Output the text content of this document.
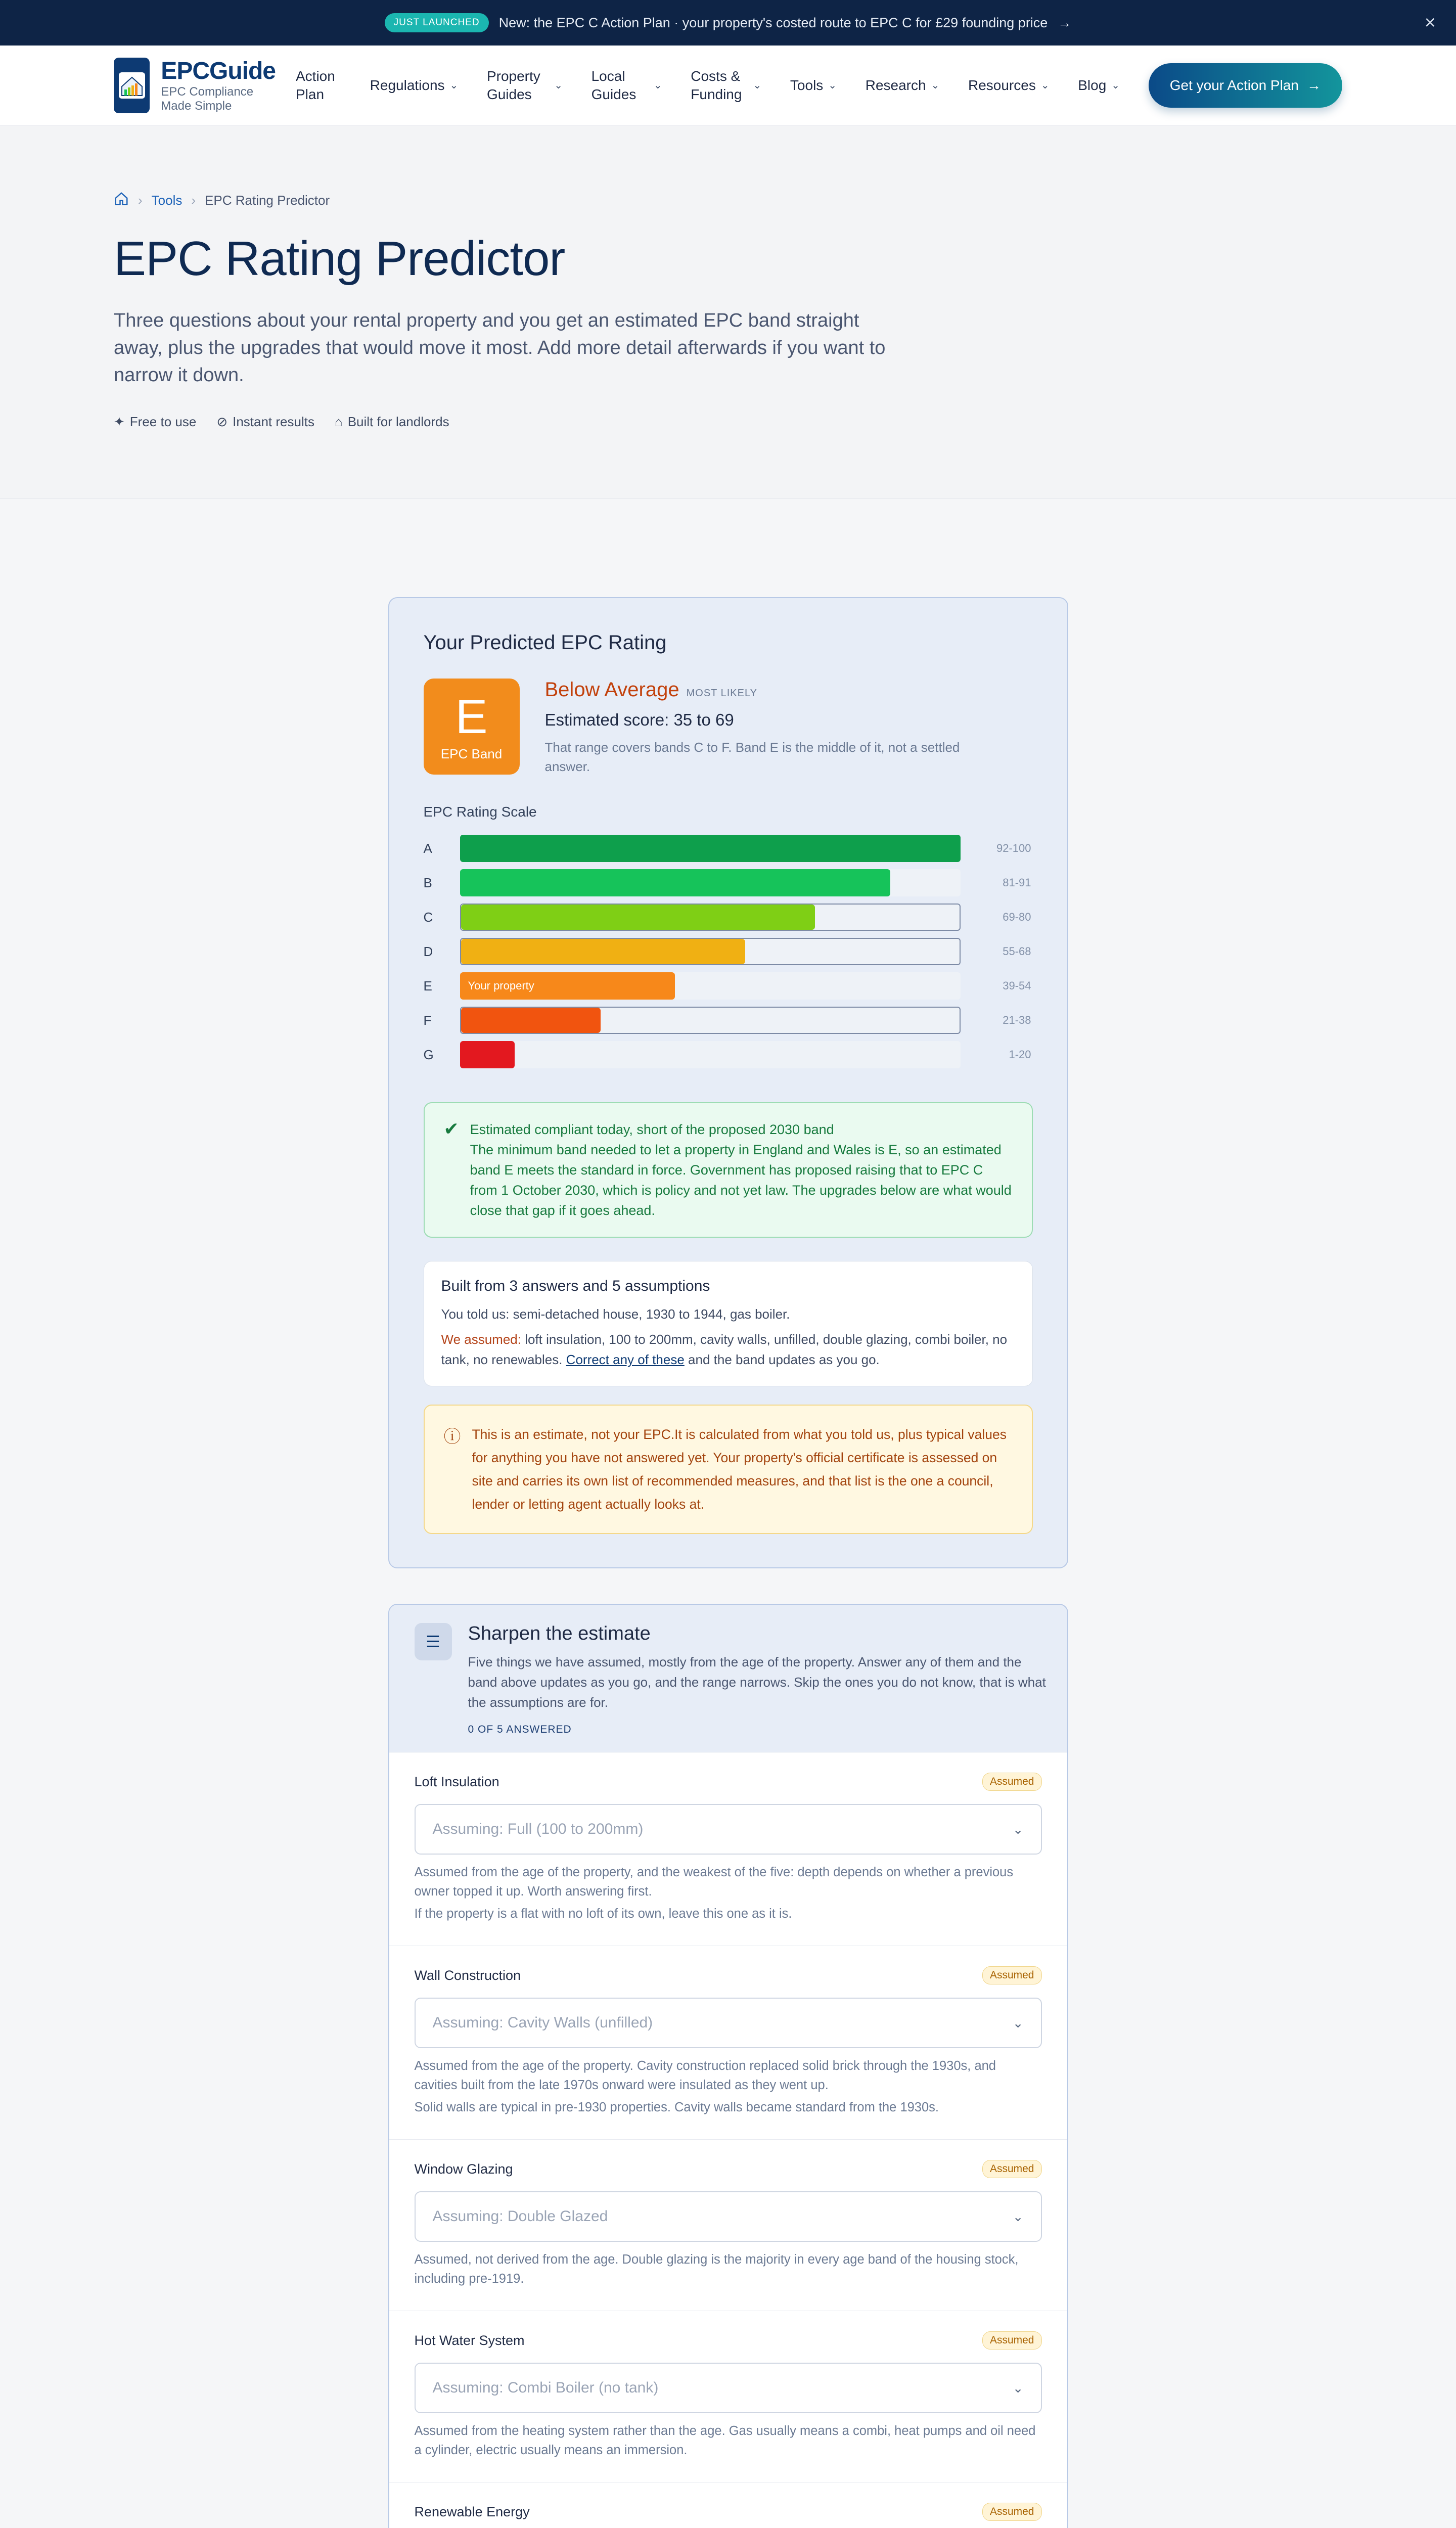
JUST LAUNCHED	New: the EPC C Action Plan · your property's costed route to EPC C for £29 founding price →	×
EPCGuide
EPC Compliance
Made Simple
Action Plan
Regulations ⌄
Property Guides
⌄
Local Guides
⌄
Costs & Funding
⌄ Tools ⌄ Research ⌄ Resources ⌄ Blog ⌄	Get your Action Plan →
› Tools › EPC Rating Predictor
EPC Rating Predictor

Three questions about your rental property and you get an estimated EPC band straight away, plus the upgrades that would move it most. Add more detail afterwards if you want to narrow it down.

✦ Free to use ⊘ Instant results ⌂ Built for landlords
Your Predicted EPC Rating
E
EPC Band
Below Average MOST LIKELY
Estimated score: 35 to 69
That range covers bands C to F. Band E is the middle of it, not a settled answer.
EPC Rating Scale
A	92-100
B	81-91
C	69-80
D	55-68
E	Your property	39-54
F	21-38
G	1-20
✔ Estimated compliant today, short of the proposed 2030 band
The minimum band needed to let a property in England and Wales is E, so an estimated band E meets the standard in force. Government has proposed raising that to EPC C from 1 October 2030, which is policy and not yet law. The upgrades below are what would close that gap if it goes ahead.
Built from 3 answers and 5 assumptions
You told us: semi-detached house, 1930 to 1944, gas boiler.
We assumed: loft insulation, 100 to 200mm, cavity walls, unfilled, double glazing, combi boiler, no tank, no renewables. Correct any of these and the band updates as you go.
ⓘ This is an estimate, not your EPC.It is calculated from what you told us, plus typical values for anything you have not answered yet. Your property's official certificate is assessed on site and carries its own list of recommended measures, and that list is the one a council, lender or letting agent actually looks at.
☰	Sharpen the estimate
Five things we have assumed, mostly from the age of the property. Answer any of them and the band above updates as you go, and the range narrows. Skip the ones you do not know, that is what the assumptions are for.
0 OF 5 ANSWERED
Loft Insulation	Assumed
Assuming: Full (100 to 200mm)	⌄
Assumed from the age of the property, and the weakest of the five: depth depends on whether a previous owner topped it up. Worth answering first.
If the property is a flat with no loft of its own, leave this one as it is.
Wall Construction	Assumed
Assuming: Cavity Walls (unfilled)	⌄
Assumed from the age of the property. Cavity construction replaced solid brick through the 1930s, and cavities built from the late 1970s onward were insulated as they went up.
Solid walls are typical in pre-1930 properties. Cavity walls became standard from the 1930s.
Window Glazing	Assumed
Assuming: Double Glazed	⌄
Assumed, not derived from the age. Double glazing is the majority in every age band of the housing stock, including pre-1919.
Hot Water System	Assumed
Assuming: Combi Boiler (no tank)	⌄
Assumed from the heating system rather than the age. Gas usually means a combi, heat pumps and oil need a cylinder, electric usually means an immersion.
Renewable Energy	Assumed
